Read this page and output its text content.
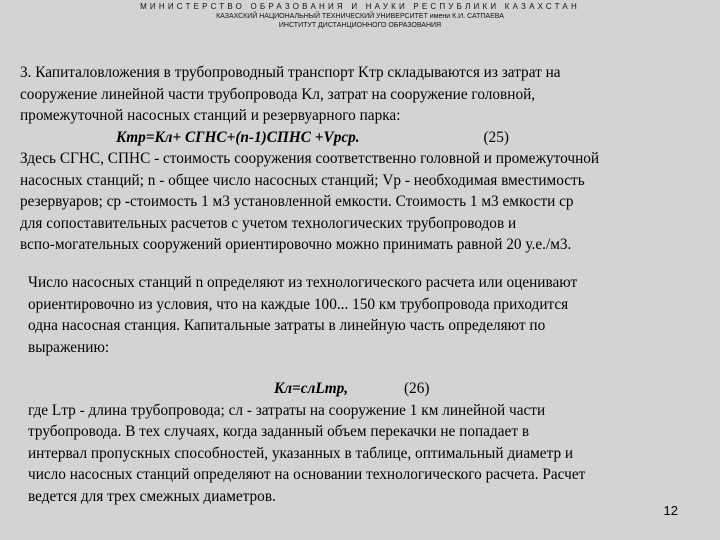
МИНИСТЕРСТВО ОБРАЗОВАНИЯ И НАУКИ РЕСПУБЛИКИ КАЗАХСТАН
КАЗАХСКИЙ НАЦИОНАЛЬНЫЙ ТЕХНИЧЕСКИЙ УНИВЕРСИТЕТ имени К.И. САТПАЕВА
ИНСТИТУТ ДИСТАНЦИОННОГО ОБРАЗОВАНИЯ
3. Капиталовложения в трубопроводный транспорт Kтр складываются из затрат на
сооружение линейной части трубопровода Kл, затрат на сооружение головной,
промежуточной насосных станций и резервуарного парка:
Kтр=Kл+ CГНС+(n-1)CПНС +Vрcр.	(25)
Здесь CГНС, CПНС - стоимость сооружения соответственно головной и промежуточной
насосных станций; n - общее число насосных станций; Vр - необходимая вместимость
резервуаров; cр -стоимость 1 м3 установленной емкости. Стоимость 1 м3 емкости cр
для сопоставительных расчетов с учетом технологических трубопроводов и
вспо-могательных сооружений ориентировочно можно принимать равной 20 у.е./м3.
Число насосных станций n определяют из технологического расчета или оценивают
ориентировочно из условия, что на каждые 100... 150 км трубопровода приходится
одна насосная станция. Капитальные затраты в линейную часть определяют по
выражению:
Kл=cлLтр,	(26)
где Lтр - длина трубопровода; cл - затраты на сооружение 1 км линейной части
трубопровода. В тех случаях, когда заданный объем перекачки не попадает в
интервал пропускных способностей, указанных в таблице, оптимальный диаметр и
число насосных станций определяют на основании технологического расчета. Расчет
ведется для трех смежных диаметров.
12
